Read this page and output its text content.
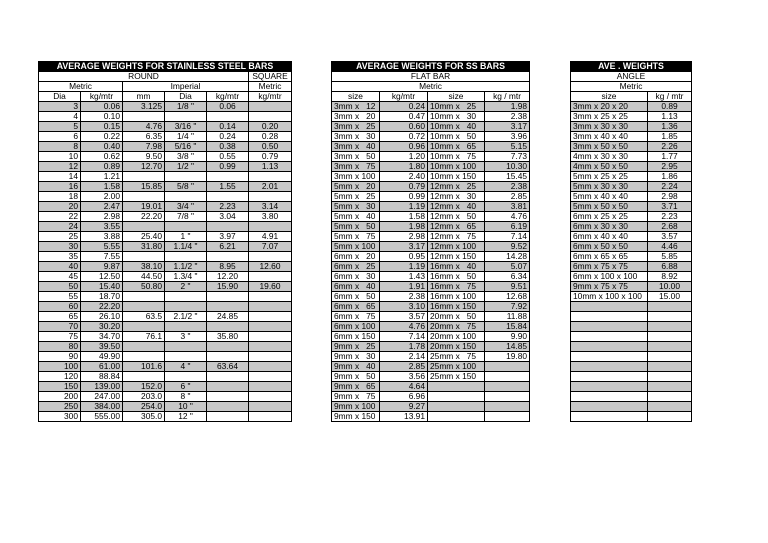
AVERAGE WEIGHTS FOR STAINLESS STEEL BARS					
ROUND					SQUARE
Metric		Imperial			Metric
Dia	kg/mtr	mm	Dia	kg/mtr	kg/mtr
3	0.06	3.125	1/8 "	0.06	
4	0.10				
5	0.15	4.76	3/16 "	0.14	0.20
6	0.22	6.35	1/4 "	0.24	0.28
8	0.40	7.98	5/16 "	0.38	0.50
10	0.62	9.50	3/8 "	0.55	0.79
12	0.89	12.70	1/2 "	0.99	1.13
14	1.21				
16	1.58	15.85	5/8 "	1.55	2.01
18	2.00				
20	2.47	19.01	3/4 "	2.23	3.14
22	2.98	22.20	7/8 "	3.04	3.80
24	3.55				
25	3.88	25.40	1 "	3.97	4.91
30	5.55	31.80	1.1/4 "	6.21	7.07
35	7.55				
40	9.87	38.10	1.1/2 "	8.95	12.60
45	12.50	44.50	1.3/4 "	12.20	
50	15.40	50.80	2 "	15.90	19.60
55	18.70				
60	22.20				
65	26.10	63.5	2.1/2 "	24.85	
70	30.20				
75	34.70	76.1	3 "	35.80	
80	39.50				
90	49.90				
100	61.00	101.6	4 "	63.64	
120	88.84				
150	139.00	152.0	6 "		
200	247.00	203.0	8 "		
250	384.00	254.0	10 "		
300	555.00	305.0	12 "		
AVERAGE WEIGHTS FOR SS BARS			
FLAT BAR			
Metric			
size	kg/mtr	size	kg / mtr
3mm x   12	0.24	10mm x   25	1.98
3mm x   20	0.47	10mm x   30	2.38
3mm x   25	0.60	10mm x   40	3.17
3mm x   30	0.72	10mm x   50	3.96
3mm x   40	0.96	10mm x   65	5.15
3mm x   50	1.20	10mm x   75	7.73
3mm x   75	1.80	10mm x 100	10.30
3mm x 100	2.40	10mm x 150	15.45
5mm x   20	0.79	12mm x   25	2.38
5mm x   25	0.99	12mm x   30	2.85
5mm x   30	1.19	12mm x   40	3.81
5mm x   40	1.58	12mm x   50	4.76
5mm x   50	1.98	12mm x   65	6.19
5mm x   75	2.98	12mm x   75	7.14
5mm x 100	3.17	12mm x 100	9.52
6mm x   20	0.95	12mm x 150	14.28
6mm x   25	1.19	16mm x   40	5.07
6mm x   30	1.43	16mm x   50	6.34
6mm x   40	1.91	16mm x   75	9.51
6mm x   50	2.38	16mm x 100	12.68
6mm x   65	3.10	16mm x 150	7.92
6mm x   75	3.57	20mm x   50	11.88
6mm x 100	4.76	20mm x   75	15.84
6mm x 150	7.14	20mm x 100	9.90
9mm x   25	1.78	20mm x 150	14.85
9mm x   30	2.14	25mm x   75	19.80
9mm x   40	2.85	25mm x 100	
9mm x   50	3.56	25mm x 150	
9mm x   65	4.64		
9mm x   75	6.96		
9mm x 100	9.27		
9mm x 150	13.91		
AVE . WEIGHTS	
ANGLE	
Metric	
size	kg / mtr
3mm x 20 x 20	0.89
3mm x 25 x 25	1.13
3mm x 30 x 30	1.36
3mm x 40 x 40	1.85
3mm x 50 x 50	2.26
4mm x 30 x 30	1.77
4mm x 50 x 50	2.95
5mm x 25 x 25	1.86
5mm x 30 x 30	2.24
5mm x 40 x 40	2.98
5mm x 50 x 50	3.71
6mm x 25 x 25	2.23
6mm x 30 x 30	2.68
6mm x 40 x 40	3.57
6mm x 50 x 50	4.46
6mm x 65 x 65	5.85
6mm x 75 x 75	6.88
6mm x 100 x 100	8.92
9mm x 75 x 75	10.00
10mm x 100 x 100	15.00
